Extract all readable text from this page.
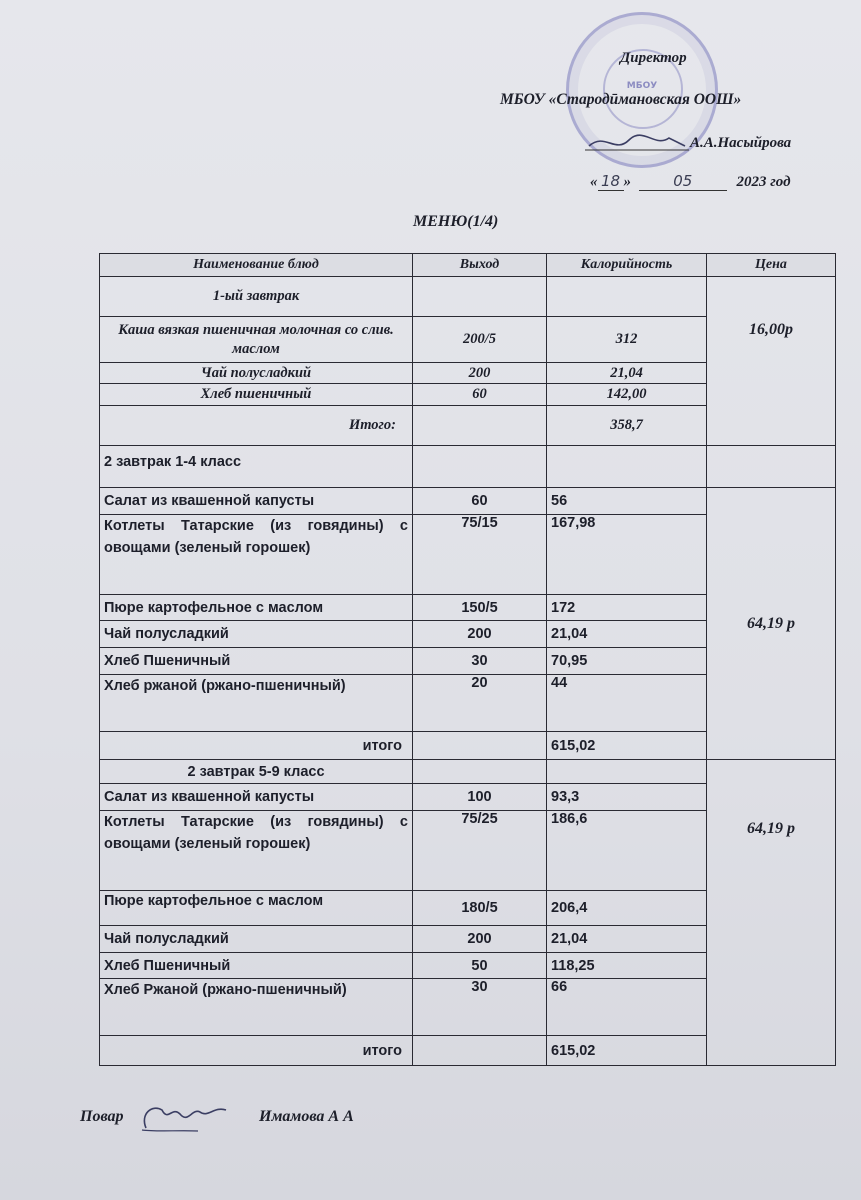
МБОУ
Директор
МБОУ «Стародӣмановская ООШ»
А.А.Насыйрова
« 18 »	05	2023 год
МЕНЮ(1/4)
Наименование блюд	Выход	Калорийность	Цена
1-ый завтрак			16,00р
Каша вязкая пшеничная молочная со слив. маслом	200/5	312	
Чай полусладкий	200	21,04	
Хлеб пшеничный	60	142,00	
Итого:		358,7	
2 завтрак 1-4 класс			
Салат из квашенной капусты	60	56	64,19 р
Котлеты Татарские (из говядины) с овощами (зеленый горошек)	75/15	167,98	
Пюре картофельное с маслом	150/5	172	
Чай полусладкий	200	21,04	
Хлеб Пшеничный	30	70,95	
Хлеб ржаной (ржано-пшеничный)	20	44	
итого		615,02	
2 завтрак 5-9 класс			64,19 р
Салат из квашенной капусты	100	93,3	
Котлеты Татарские (из говядины) с овощами (зеленый горошек)	75/25	186,6	
Пюре картофельное с маслом	180/5	206,4	
Чай полусладкий	200	21,04	
Хлеб Пшеничный	50	118,25	
Хлеб Ржаной (ржано-пшеничный)	30	66	
итого		615,02	
Повар	Имамова А А
